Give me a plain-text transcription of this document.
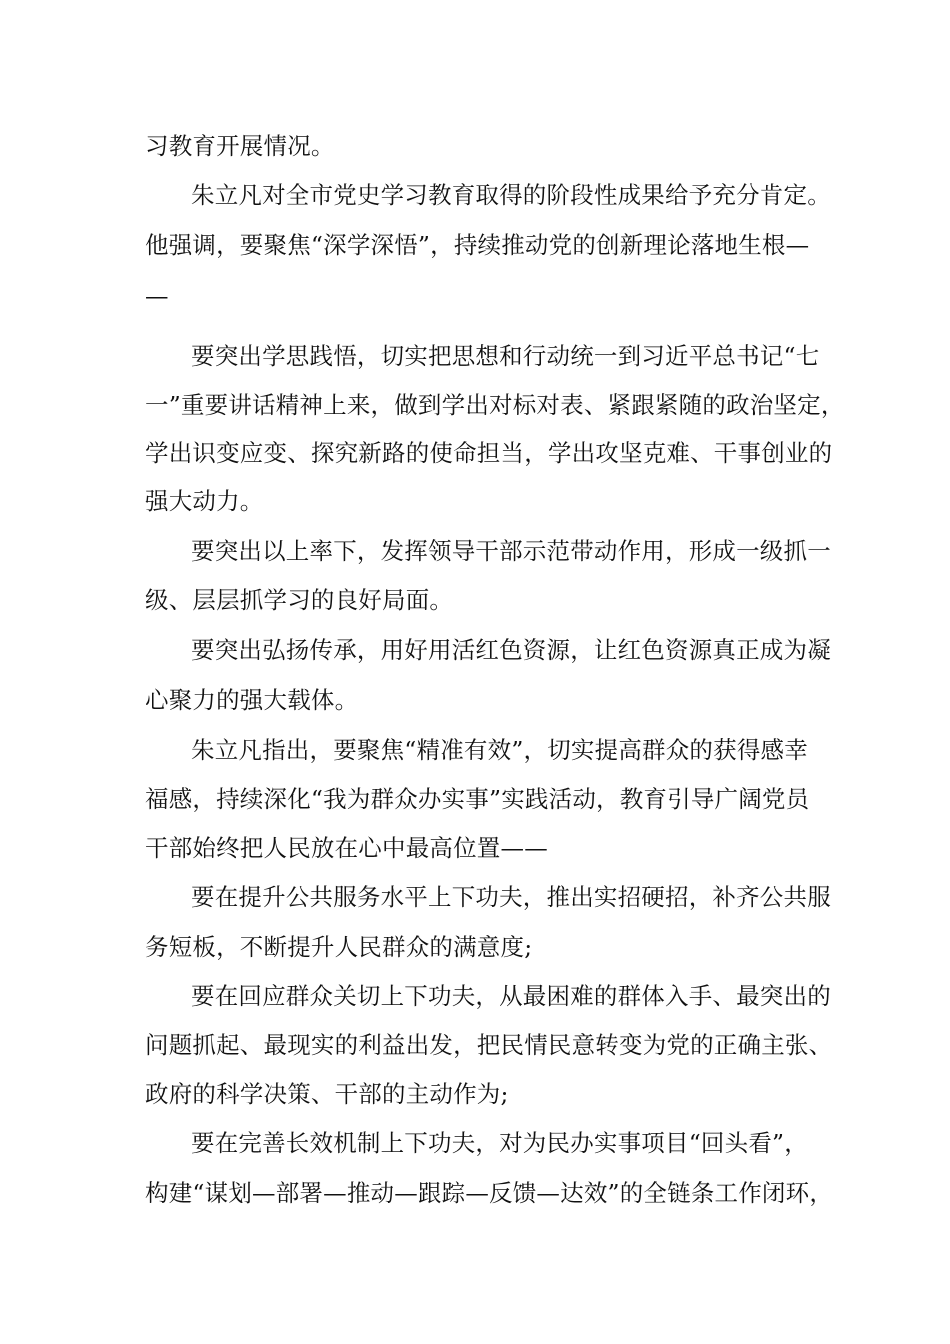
习教育开展情况。
朱立凡对全市党史学习教育取得的阶段性成果给予充分肯定。
他强调，要聚焦“深学深悟”，持续推动党的创新理论落地生根—
—
要突出学思践悟，切实把思想和行动统一到习近平总书记“七
一”重要讲话精神上来，做到学出对标对表、紧跟紧随的政治坚定，
学出识变应变、探究新路的使命担当，学出攻坚克难、干事创业的
强大动力。
要突出以上率下，发挥领导干部示范带动作用，形成一级抓一
级、层层抓学习的良好局面。
要突出弘扬传承，用好用活红色资源，让红色资源真正成为凝
心聚力的强大载体。
朱立凡指出，要聚焦“精准有效”，切实提高群众的获得感幸
福感，持续深化“我为群众办实事”实践活动，教育引导广阔党员
干部始终把人民放在心中最高位置——
要在提升公共服务水平上下功夫，推出实招硬招，补齐公共服
务短板，不断提升人民群众的满意度;
要在回应群众关切上下功夫，从最困难的群体入手、最突出的
问题抓起、最现实的利益出发，把民情民意转变为党的正确主张、
政府的科学决策、干部的主动作为;
要在完善长效机制上下功夫，对为民办实事项目“回头看”，
构建“谋划—部署—推动—跟踪—反馈—达效”的全链条工作闭环，
